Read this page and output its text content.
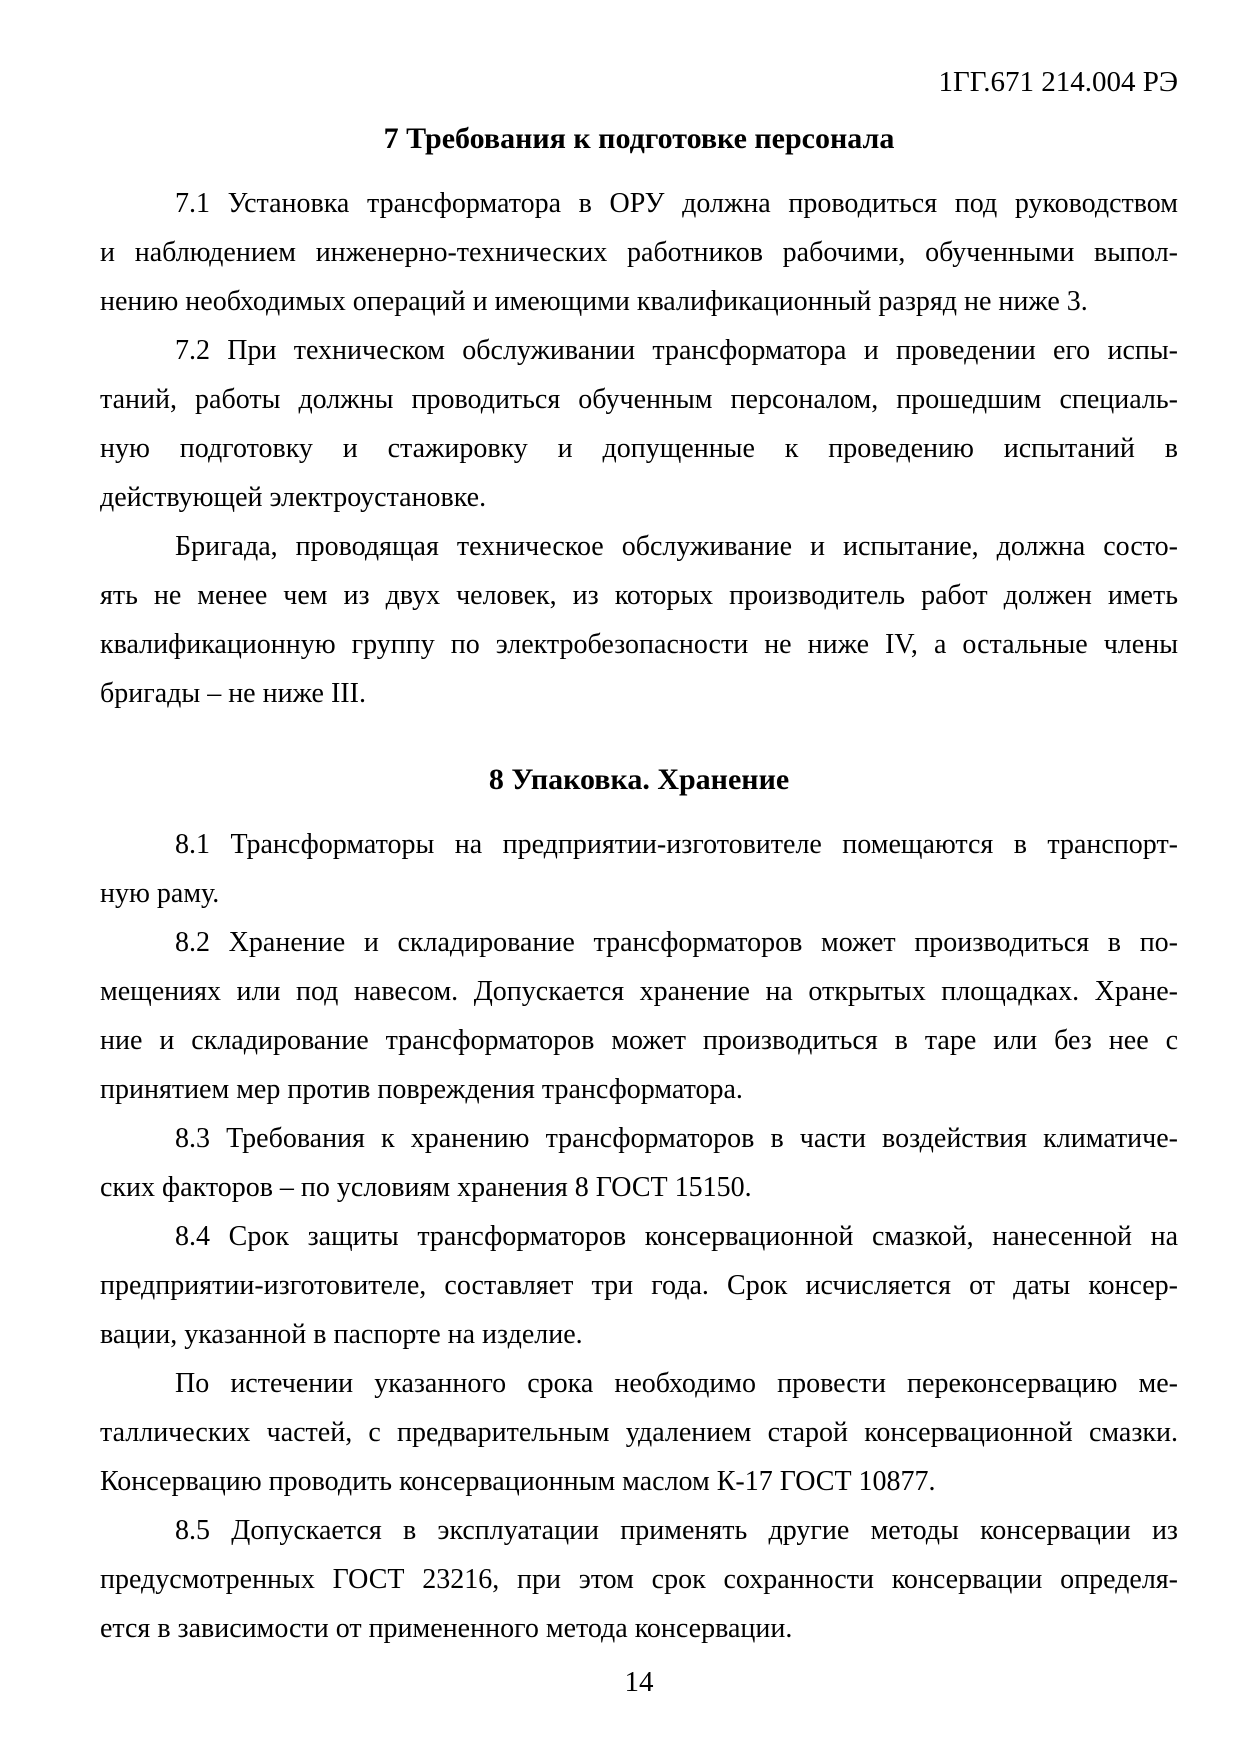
1ГГ.671 214.004 РЭ
7 Требования к подготовке персонала
7.1 Установка трансформатора в ОРУ должна проводиться под руководством
и наблюдением инженерно-технических работников рабочими, обученными выпол-
нению необходимых операций и имеющими квалификационный разряд не ниже 3.
7.2 При техническом обслуживании трансформатора и проведении его испы-
таний, работы должны проводиться обученным персоналом, прошедшим специаль-
ную подготовку и стажировку и допущенные к проведению испытаний в
действующей электроустановке.
Бригада, проводящая техническое обслуживание и испытание, должна состо-
ять не менее чем из двух человек, из которых производитель работ должен иметь
квалификационную группу по электробезопасности не ниже IV, а остальные члены
бригады – не ниже III.
8 Упаковка. Хранение
8.1 Трансформаторы на предприятии-изготовителе помещаются в транспорт-
ную раму.
8.2 Хранение и складирование трансформаторов может производиться в по-
мещениях или под навесом. Допускается хранение на открытых площадках. Хране-
ние и складирование трансформаторов может производиться в таре или без нее с
принятием мер против повреждения трансформатора.
8.3 Требования к хранению трансформаторов в части воздействия климатиче-
ских факторов – по условиям хранения 8 ГОСТ 15150.
8.4 Срок защиты трансформаторов консервационной смазкой, нанесенной на
предприятии-изготовителе, составляет три года. Срок исчисляется от даты консер-
вации, указанной в паспорте на изделие.
По истечении указанного срока необходимо провести переконсервацию ме-
таллических частей, с предварительным удалением старой консервационной смазки.
Консервацию проводить консервационным маслом К-17 ГОСТ 10877.
8.5 Допускается в эксплуатации применять другие методы консервации из
предусмотренных ГОСТ 23216, при этом срок сохранности консервации определя-
ется в зависимости от примененного метода консервации.
14
